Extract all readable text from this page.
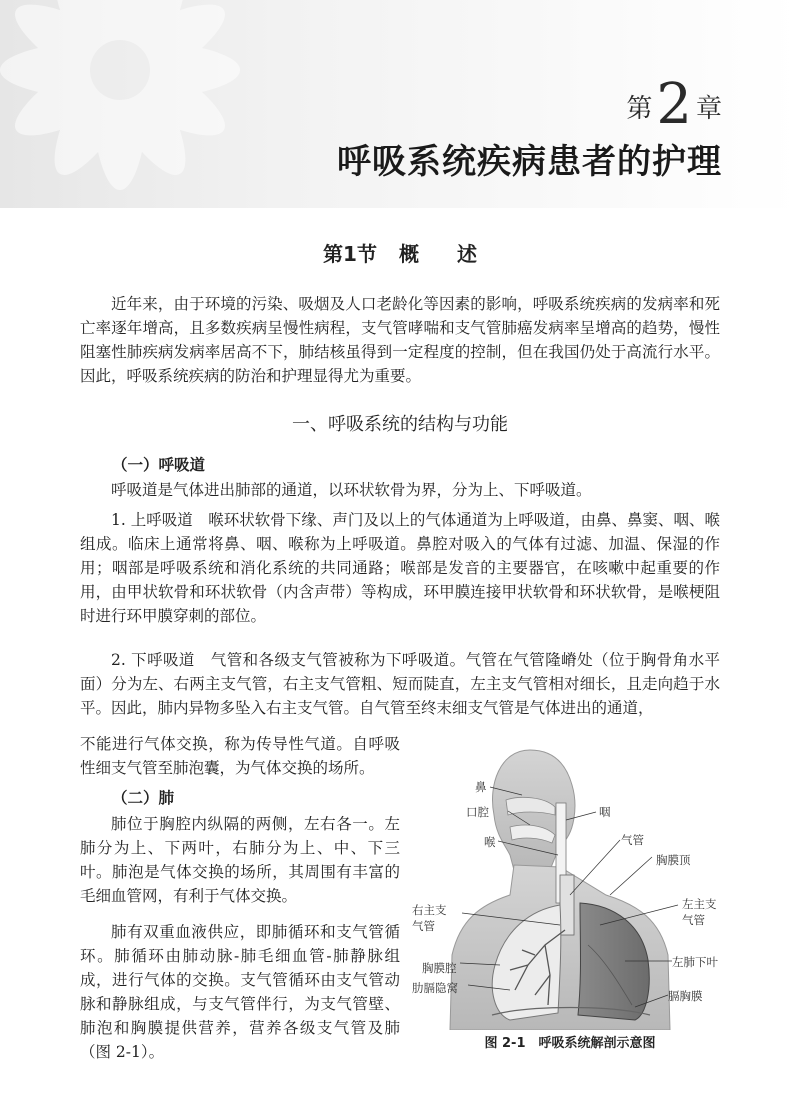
第2 章
呼吸系统疾病患者的护理
第1节 概 述
近年来，由于环境的污染、吸烟及人口老龄化等因素的影响，呼吸系统疾病的发病率和死亡率逐年增高，且多数疾病呈慢性病程，支气管哮喘和支气管肺癌发病率呈增高的趋势，慢性阻塞性肺疾病发病率居高不下，肺结核虽得到一定程度的控制，但在我国仍处于高流行水平。因此，呼吸系统疾病的防治和护理显得尤为重要。
一、呼吸系统的结构与功能
（一）呼吸道
呼吸道是气体进出肺部的通道，以环状软骨为界，分为上、下呼吸道。
1. 上呼吸道　喉环状软骨下缘、声门及以上的气体通道为上呼吸道，由鼻、鼻窦、咽、喉组成。临床上通常将鼻、咽、喉称为上呼吸道。鼻腔对吸入的气体有过滤、加温、保湿的作用；咽部是呼吸系统和消化系统的共同通路；喉部是发音的主要器官，在咳嗽中起重要的作用，由甲状软骨和环状软骨（内含声带）等构成，环甲膜连接甲状软骨和环状软骨，是喉梗阻时进行环甲膜穿刺的部位。
2. 下呼吸道　气管和各级支气管被称为下呼吸道。气管在气管隆嵴处（位于胸骨角水平面）分为左、右两主支气管，右主支气管粗、短而陡直，左主支气管相对细长，且走向趋于水平。因此，肺内异物多坠入右主支气管。自气管至终末细支气管是气体进出的通道，
不能进行气体交换，称为传导性气道。自呼吸性细支气管至肺泡囊，为气体交换的场所。
（二）肺
肺位于胸腔内纵隔的两侧，左右各一。左肺分为上、下两叶，右肺分为上、中、下三叶。肺泡是气体交换的场所，其周围有丰富的毛细血管网，有利于气体交换。
肺有双重血液供应，即肺循环和支气管循环。肺循环由肺动脉-肺毛细血管-肺静脉组成，进行气体的交换。支气管循环由支气管动脉和静脉组成，与支气管伴行，为支气管壁、肺泡和胸膜提供营养，营养各级支气管及肺（图 2-1）。
鼻
口腔	咽
喉	气管
胸膜顶
右主支气管
左主支气管
胸膜腔
肋膈隐窝
左肺下叶
膈胸膜
图 2-1　呼吸系统解剖示意图
